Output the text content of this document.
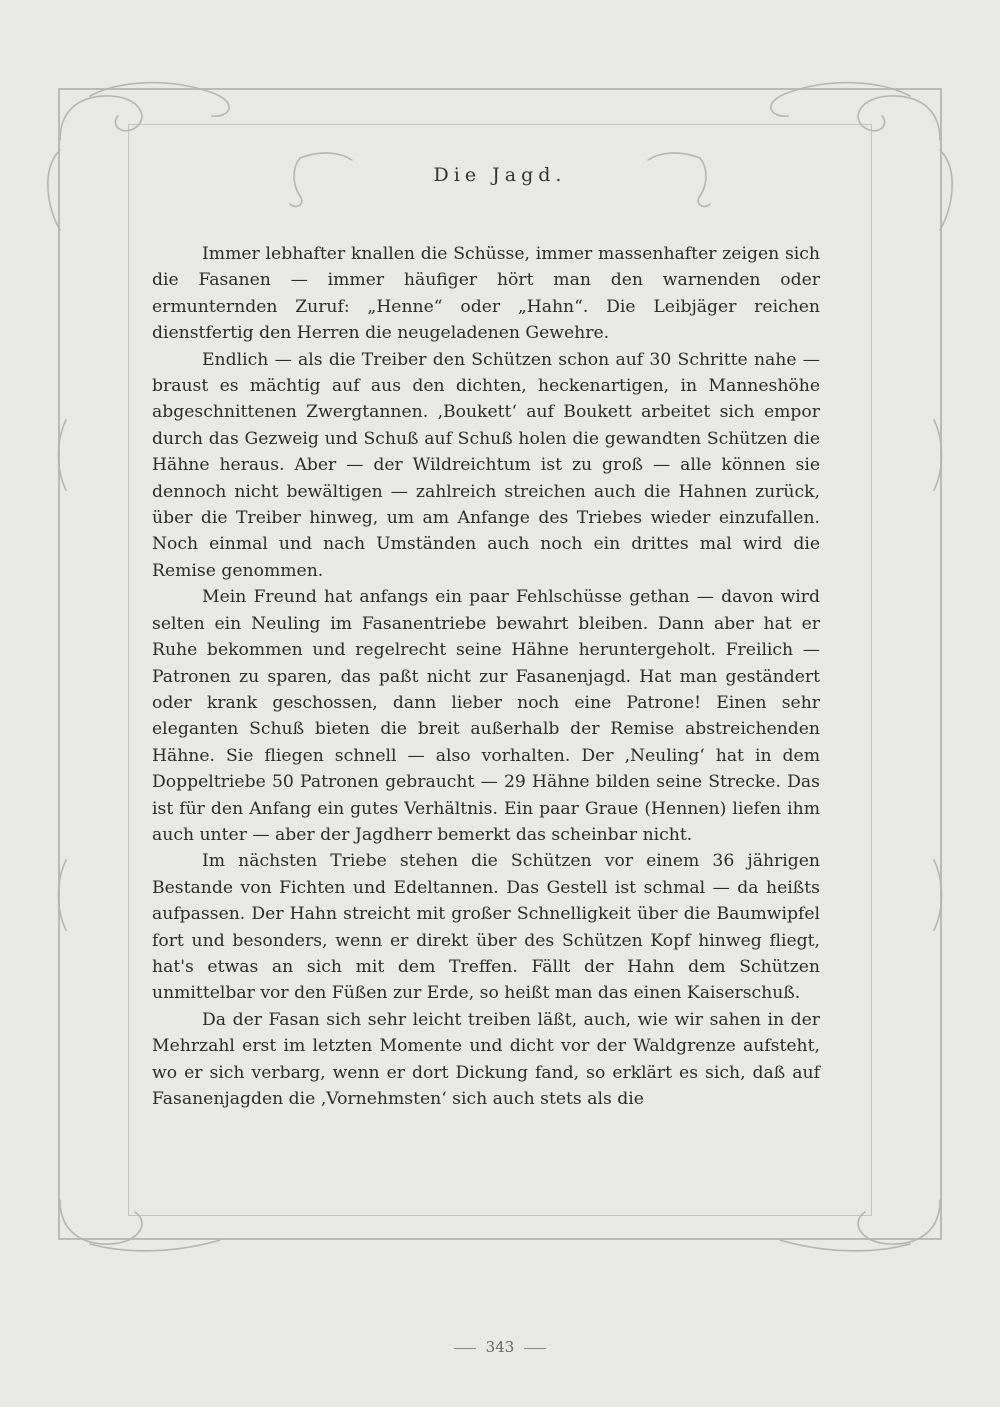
Die Jagd.

Immer lebhafter knallen die Schüsse, immer massenhafter zeigen sich die Fasanen — immer häufiger hört man den warnenden oder ermunternden Zuruf: „Henne“ oder „Hahn“. Die Leibjäger reichen dienstfertig den Herren die neugeladenen Gewehre.

Endlich — als die Treiber den Schützen schon auf 30 Schritte nahe — braust es mächtig auf aus den dichten, heckenartigen, in Manneshöhe abgeschnittenen Zwergtannen. ‚Boukett‘ auf Boukett arbeitet sich empor durch das Gezweig und Schuß auf Schuß holen die gewandten Schützen die Hähne heraus. Aber — der Wildreichtum ist zu groß — alle können sie dennoch nicht bewältigen — zahlreich streichen auch die Hahnen zurück, über die Treiber hinweg, um am Anfange des Triebes wieder einzufallen. Noch einmal und nach Umständen auch noch ein drittes mal wird die Remise genommen.

Mein Freund hat anfangs ein paar Fehlschüsse gethan — davon wird selten ein Neuling im Fasanentriebe bewahrt bleiben. Dann aber hat er Ruhe bekommen und regelrecht seine Hähne heruntergeholt. Freilich — Patronen zu sparen, das paßt nicht zur Fasanenjagd. Hat man geständert oder krank geschossen, dann lieber noch eine Patrone! Einen sehr eleganten Schuß bieten die breit außerhalb der Remise abstreichenden Hähne. Sie fliegen schnell — also vorhalten. Der ‚Neuling‘ hat in dem Doppeltriebe 50 Patronen gebraucht — 29 Hähne bilden seine Strecke. Das ist für den Anfang ein gutes Verhältnis. Ein paar Graue (Hennen) liefen ihm auch unter — aber der Jagdherr bemerkt das scheinbar nicht.

Im nächsten Triebe stehen die Schützen vor einem 36 jährigen Bestande von Fichten und Edeltannen. Das Gestell ist schmal — da heißts aufpassen. Der Hahn streicht mit großer Schnelligkeit über die Baumwipfel fort und besonders, wenn er direkt über des Schützen Kopf hinweg fliegt, hat's etwas an sich mit dem Treffen. Fällt der Hahn dem Schützen unmittelbar vor den Füßen zur Erde, so heißt man das einen Kaiserschuß.

Da der Fasan sich sehr leicht treiben läßt, auch, wie wir sahen in der Mehrzahl erst im letzten Momente und dicht vor der Waldgrenze aufsteht, wo er sich verbarg, wenn er dort Dickung fand, so erklärt es sich, daß auf Fasanenjagden die ‚Vornehmsten‘ sich auch stets als die

343
